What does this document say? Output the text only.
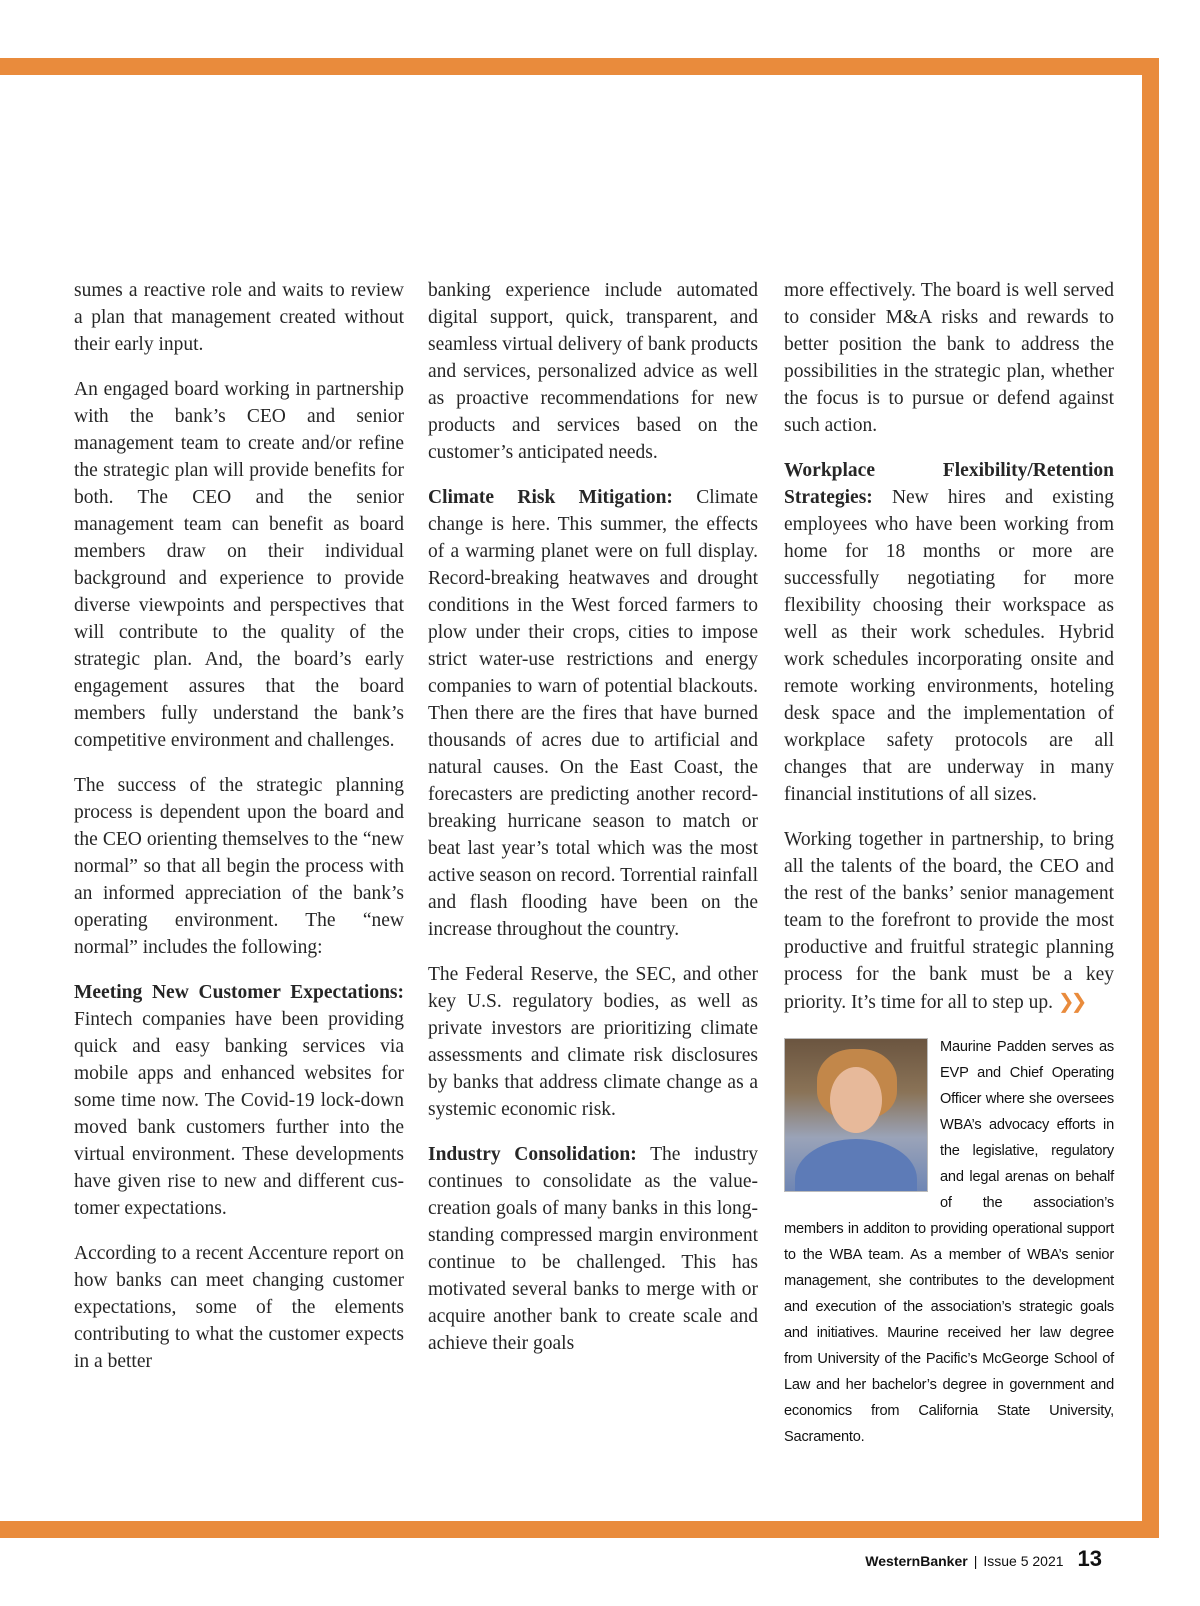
sumes a reactive role and waits to review a plan that management created without their early input.

An engaged board working in partnership with the bank’s CEO and senior management team to create and/or refine the strategic plan will provide benefits for both. The CEO and the senior management team can benefit as board members draw on their individual background and experience to provide diverse viewpoints and perspectives that will contribute to the quality of the strategic plan. And, the board’s early engagement assures that the board members fully understand the bank’s competitive environment and challenges.

The success of the strategic planning process is dependent upon the board and the CEO orienting themselves to the “new normal” so that all begin the process with an informed appreciation of the bank’s operating environment. The “new normal” includes the following:

Meeting New Customer Expectations: Fintech companies have been providing quick and easy banking services via mobile apps and enhanced websites for some time now. The Covid-19 lock-down moved bank customers further into the virtual environment. These developments have given rise to new and different customer expectations.

According to a recent Accenture report on how banks can meet changing customer expectations, some of the elements contributing to what the customer expects in a better

banking experience include automated digital support, quick, transparent, and seamless virtual delivery of bank products and services, personalized advice as well as proactive recommendations for new products and services based on the customer’s anticipated needs.

Climate Risk Mitigation: Climate change is here. This summer, the effects of a warming planet were on full display. Record-breaking heatwaves and drought conditions in the West forced farmers to plow under their crops, cities to impose strict water-use restrictions and energy companies to warn of potential blackouts. Then there are the fires that have burned thousands of acres due to artificial and natural causes. On the East Coast, the forecasters are predicting another record-breaking hurricane season to match or beat last year’s total which was the most active season on record. Torrential rainfall and flash flooding have been on the increase throughout the country.

The Federal Reserve, the SEC, and other key U.S. regulatory bodies, as well as private investors are prioritizing climate assessments and climate risk disclosures by banks that address climate change as a systemic economic risk.

Industry Consolidation: The industry continues to consolidate as the value-creation goals of many banks in this long-standing compressed margin environment continue to be challenged. This has motivated several banks to merge with or acquire another bank to create scale and achieve their goals

more effectively. The board is well served to consider M&A risks and rewards to better position the bank to address the possibilities in the strategic plan, whether the focus is to pursue or defend against such action.

Workplace Flexibility/Retention Strategies: New hires and existing employees who have been working from home for 18 months or more are successfully negotiating for more flexibility choosing their workspace as well as their work schedules. Hybrid work schedules incorporating onsite and remote working environments, hoteling desk space and the implementation of workplace safety protocols are all changes that are underway in many financial institutions of all sizes.

Working together in partnership, to bring all the talents of the board, the CEO and the rest of the banks’ senior management team to the forefront to provide the most productive and fruitful strategic planning process for the bank must be a key priority. It’s time for all to step up. ❯❯

Maurine Padden serves as EVP and Chief Operating Officer where she oversees WBA’s advocacy efforts in the legislative, regulatory and legal arenas on behalf of the association’s members in additon to providing operational support to the WBA team. As a member of WBA’s senior management, she contributes to the development and execution of the association’s strategic goals and initiatives. Maurine received her law degree from University of the Pacific’s McGeorge School of Law and her bachelor’s degree in government and economics from California State University, Sacramento.
WesternBanker | Issue 5 2021 13
